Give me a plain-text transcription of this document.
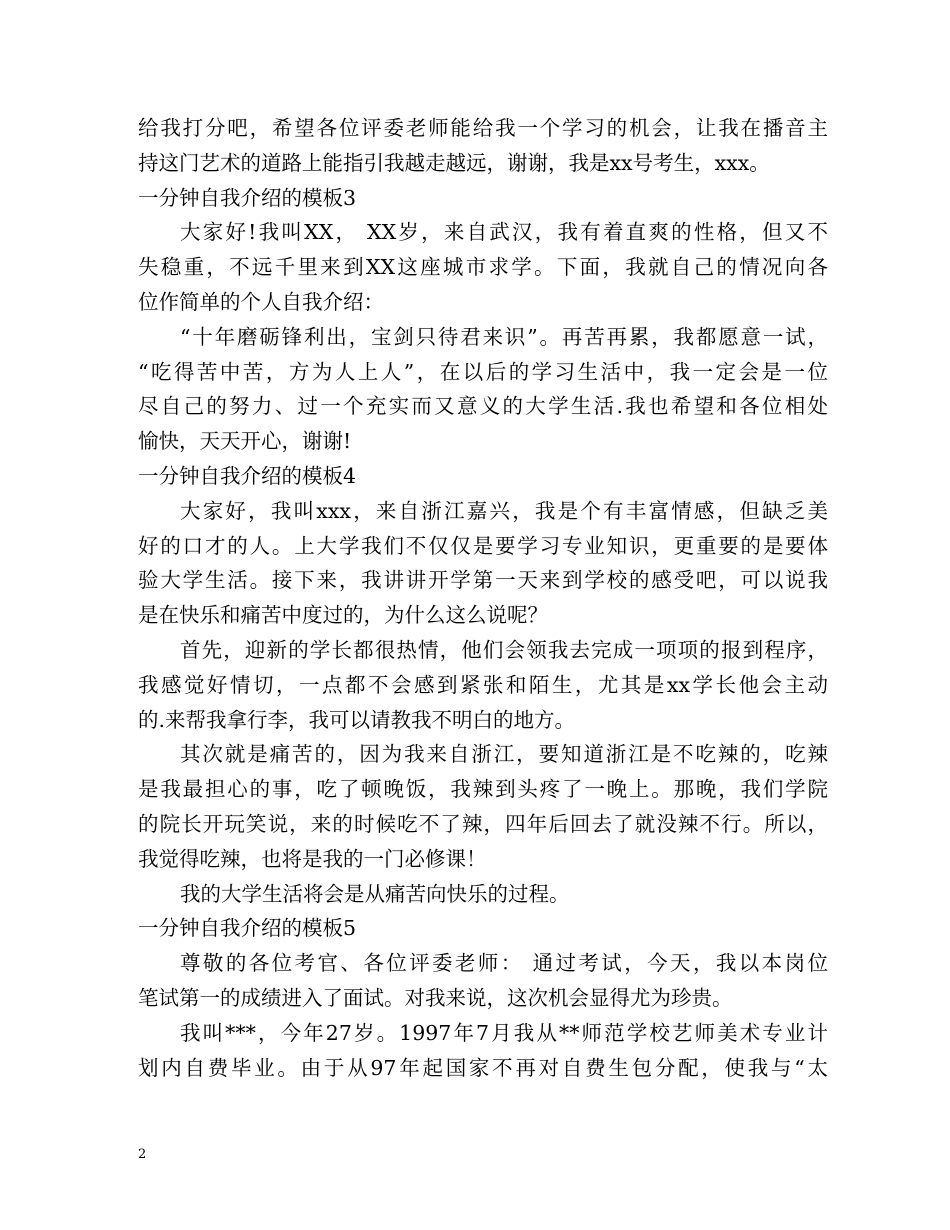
给我打分吧，希望各位评委老师能给我一个学习的机会，让我在播音主
持这门艺术的道路上能指引我越走越远，谢谢，我是xx号考生，xxx。
一分钟自我介绍的模板3
大家好!我叫XX， XX岁，来自武汉，我有着直爽的性格，但又不
失稳重，不远千里来到XX这座城市求学。下面，我就自己的情况向各
位作简单的个人自我介绍：
“十年磨砺锋利出，宝剑只待君来识”。再苦再累，我都愿意一试，
“吃得苦中苦，方为人上人”，在以后的学习生活中，我一定会是一位
尽自己的努力、过一个充实而又意义的大学生活.我也希望和各位相处
愉快，天天开心，谢谢!
一分钟自我介绍的模板4
大家好，我叫xxx，来自浙江嘉兴，我是个有丰富情感，但缺乏美
好的口才的人。上大学我们不仅仅是要学习专业知识，更重要的是要体
验大学生活。接下来，我讲讲开学第一天来到学校的感受吧，可以说我
是在快乐和痛苦中度过的，为什么这么说呢？
首先，迎新的学长都很热情，他们会领我去完成一项项的报到程序，
我感觉好情切，一点都不会感到紧张和陌生，尤其是xx学长他会主动
的.来帮我拿行李，我可以请教我不明白的地方。
其次就是痛苦的，因为我来自浙江，要知道浙江是不吃辣的，吃辣
是我最担心的事，吃了顿晚饭，我辣到头疼了一晚上。那晚，我们学院
的院长开玩笑说，来的时候吃不了辣，四年后回去了就没辣不行。所以，
我觉得吃辣，也将是我的一门必修课！
我的大学生活将会是从痛苦向快乐的过程。
一分钟自我介绍的模板5
尊敬的各位考官、各位评委老师： 通过考试，今天，我以本岗位
笔试第一的成绩进入了面试。对我来说，这次机会显得尤为珍贵。
我叫***，今年27岁。1997年7月我从**师范学校艺师美术专业计
划内自费毕业。由于从97年起国家不再对自费生包分配，使我与“太
2
